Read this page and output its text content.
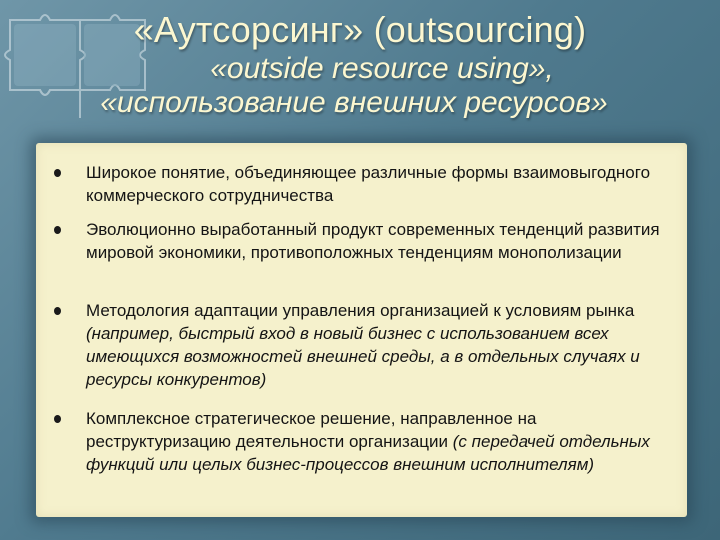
«Аутсорсинг» (outsourcing)
«outside resource using»,
«использование внешних ресурсов»
Широкое понятие, объединяющее различные формы взаимовыгодного коммерческого сотрудничества
Эволюционно выработанный продукт современных тенденций развития мировой экономики, противоположных тенденциям монополизации
Методология адаптации управления организацией к условиям рынка (например, быстрый вход в новый бизнес с использованием всех имеющихся возможностей внешней среды, а в отдельных случаях и ресурсы конкурентов)
Комплексное стратегическое решение, направленное на реструктуризацию деятельности организации (с передачей отдельных функций или целых бизнес-процессов внешним исполнителям)
